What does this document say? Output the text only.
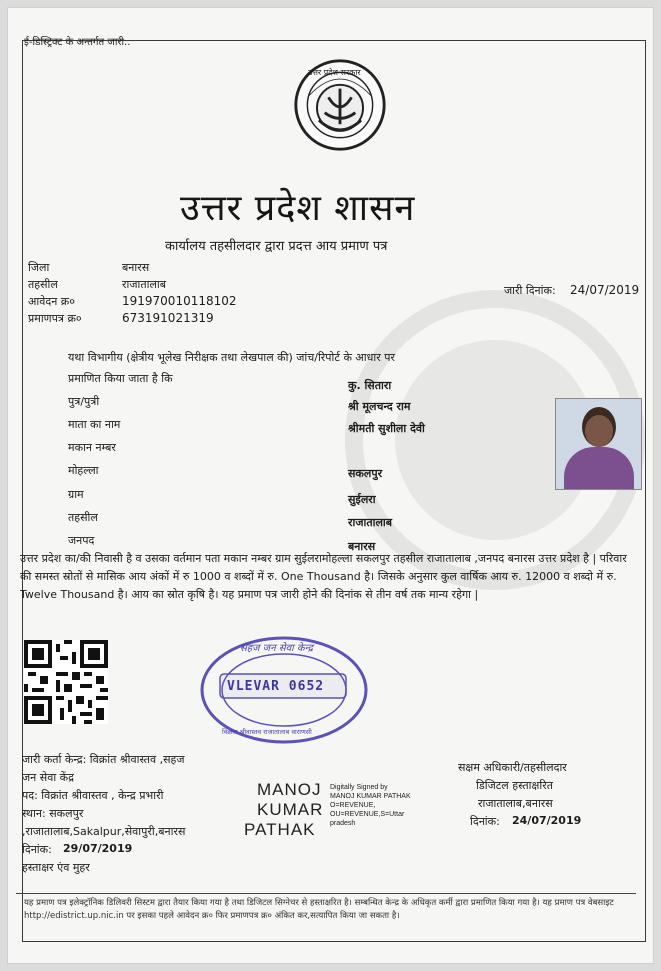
ई-डिस्ट्रिक्ट के अन्तर्गत जारी..
उत्तर प्रदेश सरकार
उत्तर प्रदेश शासन
कार्यालय तहसीलदार द्वारा प्रदत्त आय प्रमाण पत्र
जिला	बनारस
तहसील	राजातालाब
आवेदन क्र०	191970010118102
प्रमाणपत्र क्र०	673191021319
जारी दिनांक: 24/07/2019
यथा विभागीय (क्षेत्रीय भूलेख निरीक्षक तथा लेखपाल की) जांच/रिपोर्ट के आधार पर
प्रमाणित किया जाता है कि
कु. सितारा
पुत्र/पुत्री	श्री मूलचन्द राम
माता का नाम	श्रीमती सुशीला देवी
मकान नम्बर
मोहल्ला	सकलपुर
ग्राम	सुईलरा
तहसील	राजातालाब
जनपद	बनारस
उत्तर प्रदेश का/की निवासी है व उसका वर्तमान पता मकान नम्बर ग्राम सुईलरामोहल्ला सकलपुर तहसील राजातालाब ,जनपद बनारस उत्तर प्रदेश है | परिवार की समस्त स्रोतों से मासिक आय अंकों में रु 1000 व शब्दों में रु. One Thousand है। जिसके अनुसार कुल वार्षिक आय रु. 12000 व शब्दो में रु. Twelve Thousand है। आय का स्रोत कृषि है। यह प्रमाण पत्र जारी होने की दिनांक से तीन वर्ष तक मान्य रहेगा |
सहज जन सेवा केन्द्र
VLEVAR 0652
विक्रांत श्रीवास्तव राजातालाब वाराणसी
जारी कर्ता केन्द्र: विक्रांत श्रीवास्तव ,सहज
जन सेवा केंद्र
पद: विक्रांत श्रीवास्तव , केन्द्र प्रभारी
स्थान: सकलपुर
,राजातालाब,Sakalpur,सेवापुरी,बनारस
दिनांक: 29/07/2019
हस्ताक्षर एंव मुहर
MANOJ
KUMAR
PATHAK
Digitally Signed by
MANOJ KUMAR PATHAK
O=REVENUE,
OU=REVENUE,S=Uttar
pradesh
सक्षम अधिकारी/तहसीलदार
डिजिटल हस्ताक्षरित
राजातालाब,बनारस
दिनांक: 24/07/2019
यह प्रमाण पत्र इलेक्ट्रॉनिक डिलिवरी सिस्टम द्वारा तैयार किया गया है तथा डिजिटल सिग्नेचर से हस्ताक्षरित है। सम्बन्धित केन्द्र के अधिकृत कर्मी द्वारा प्रमाणित किया गया है। यह प्रमाण पत्र वेबसाइट http://edistrict.up.nic.in पर इसका पहले आवेदन क्र० फिर प्रमाणपत्र क्र० अंकित कर,सत्यापित किया जा सकता है।
